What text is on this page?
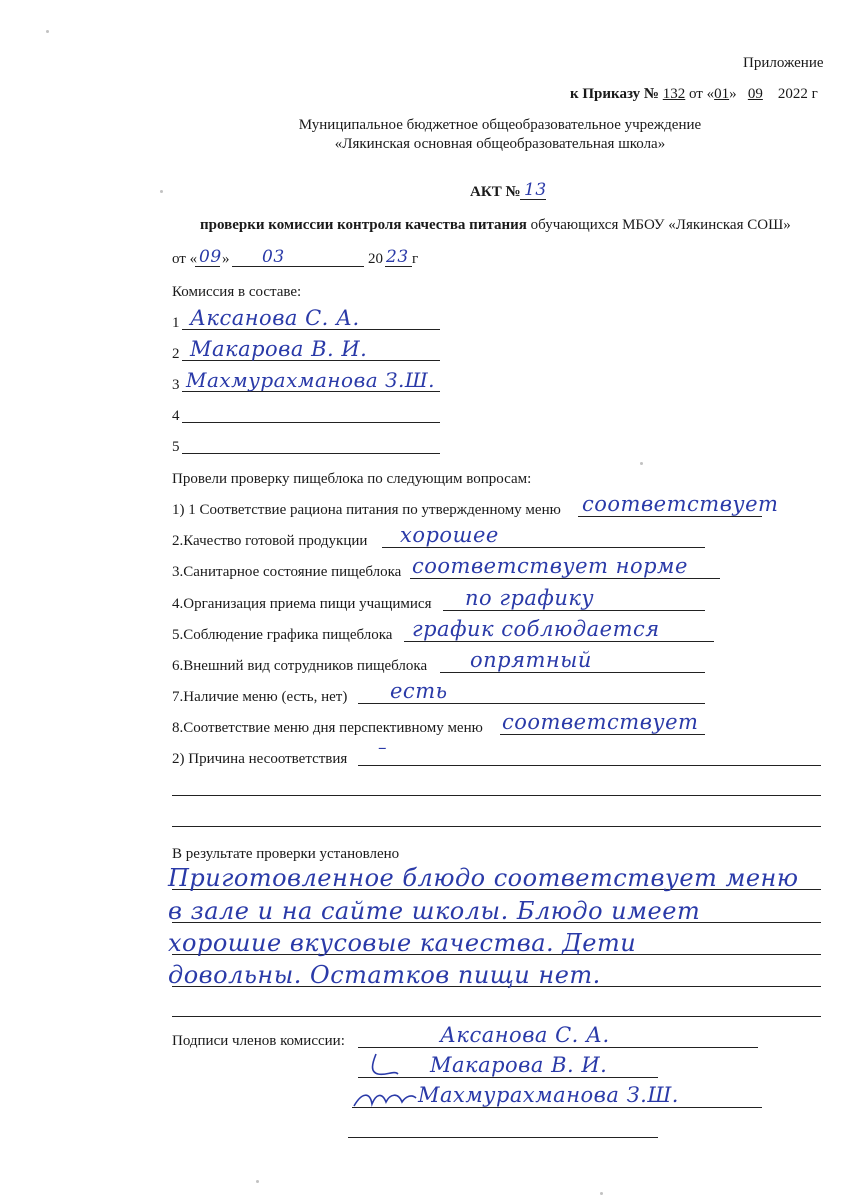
Приложение
к Приказу № 132 от «01» 09 2022 г
Муниципальное бюджетное общеобразовательное учреждение
«Лякинская основная общеобразовательная школа»
АКТ № 13
проверки комиссии контроля качества питания обучающихся МБОУ «Лякинская СОШ»
от « 09 » 03	20 23 г
Комиссия в составе:
1 Аксанова С. А.
2 Макарова В. И.
3 Махмурахманова З.Ш.
4
5
Провели проверку пищеблока по следующим вопросам:
1) 1 Соответствие рациона питания по утвержденному меню соответствует
2.Качество готовой продукции хорошее
3.Санитарное состояние пищеблока соответствует норме
4.Организация приема пищи учащимися по графику
5.Соблюдение графика пищеблока график соблюдается
6.Внешний вид сотрудников пищеблока опрятный
7.Наличие меню (есть, нет) есть
8.Соответствие меню дня перспективному меню соответствует
2) Причина несоответствия
–
В результате проверки установлено
Приготовленное блюдо соответствует меню
в зале и на сайте школы. Блюдо имеет
хорошие вкусовые качества. Дети
довольны. Остатков пищи нет.
Подписи членов комиссии:	Аксанова С. А.
Макарова В. И.
Махмурахманова З.Ш.
